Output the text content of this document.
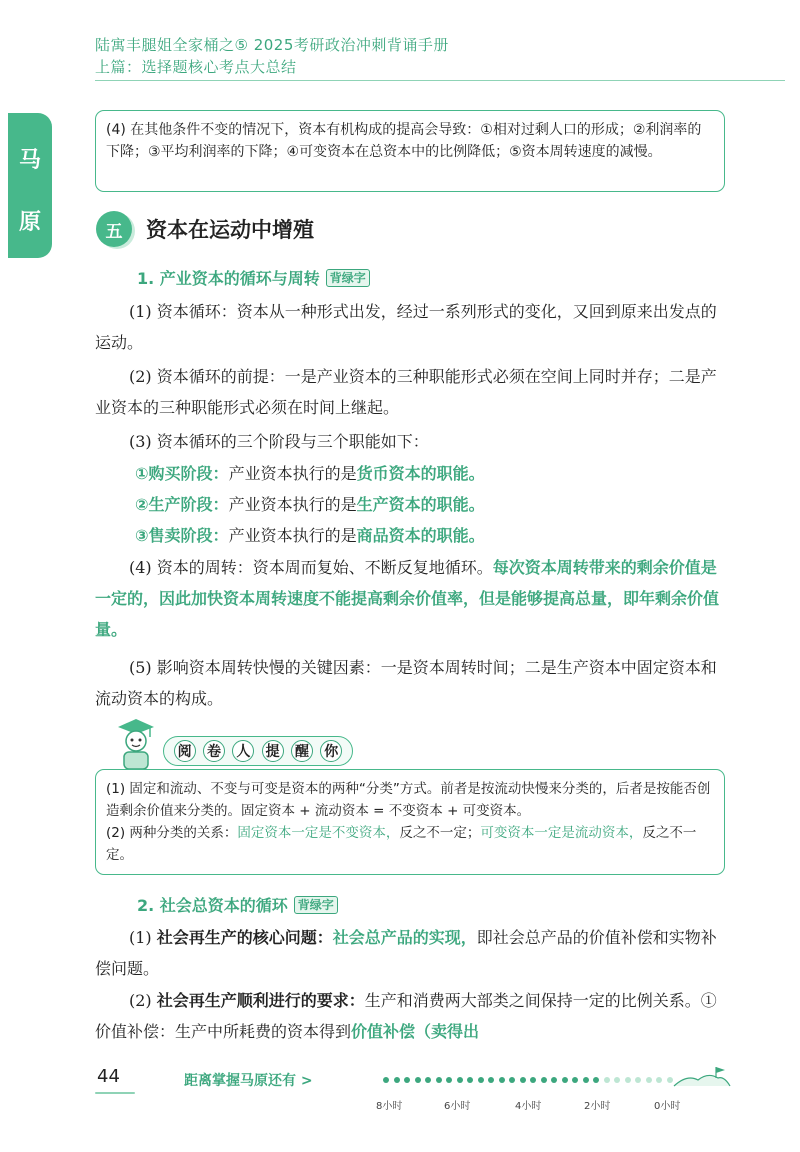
陆寓丰腿姐全家桶之⑤ 2025考研政治冲刺背诵手册
上篇：选择题核心考点大总结
马
原
(4) 在其他条件不变的情况下，资本有机构成的提高会导致：①相对过剩人口的形成；②利润率的下降；③平均利润率的下降；④可变资本在总资本中的比例降低；⑤资本周转速度的减慢。
五	资本在运动中增殖
1. 产业资本的循环与周转 背绿字
(1) 资本循环：资本从一种形式出发，经过一系列形式的变化，又回到原来出发点的运动。
(2) 资本循环的前提：一是产业资本的三种职能形式必须在空间上同时并存；二是产业资本的三种职能形式必须在时间上继起。
(3) 资本循环的三个阶段与三个职能如下：
①购买阶段：产业资本执行的是货币资本的职能。
②生产阶段：产业资本执行的是生产资本的职能。
③售卖阶段：产业资本执行的是商品资本的职能。
(4) 资本的周转：资本周而复始、不断反复地循环。每次资本周转带来的剩余价值是一定的，因此加快资本周转速度不能提高剩余价值率，但是能够提高总量，即年剩余价值量。
(5) 影响资本周转快慢的关键因素：一是资本周转时间；二是生产资本中固定资本和流动资本的构成。
阅 卷 人 提 醒 你
(1) 固定和流动、不变与可变是资本的两种“分类”方式。前者是按流动快慢来分类的，后者是按能否创造剩余价值来分类的。固定资本 + 流动资本 = 不变资本 + 可变资本。
(2) 两种分类的关系：固定资本一定是不变资本，反之不一定；可变资本一定是流动资本，反之不一定。
2. 社会总资本的循环 背绿字
(1) 社会再生产的核心问题：社会总产品的实现，即社会总产品的价值补偿和实物补偿问题。
(2) 社会再生产顺利进行的要求：生产和消费两大部类之间保持一定的比例关系。①价值补偿：生产中所耗费的资本得到价值补偿（卖得出
44	距离掌握马原还有 >
8小时	6小时	4小时	2小时	0小时
